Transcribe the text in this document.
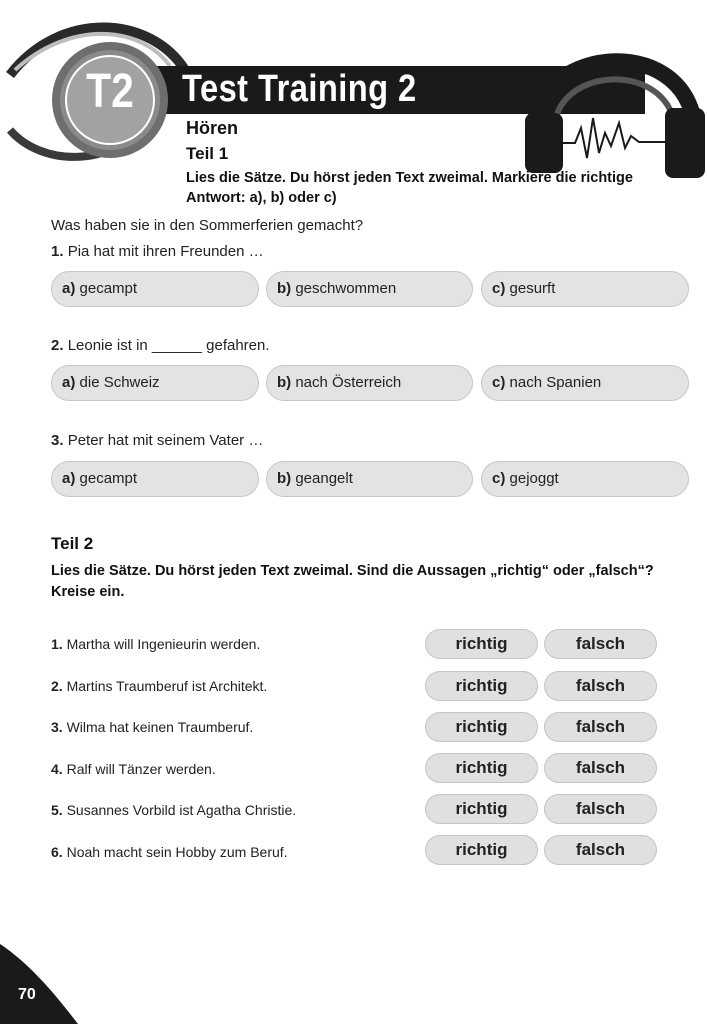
T2	Test Training 2
Hören
Teil 1
Lies die Sätze. Du hörst jeden Text zweimal. Markiere die richtige Antwort: a), b) oder c)
Was haben sie in den Sommerferien gemacht?
1. Pia hat mit ihren Freunden …
a) gecampt	b) geschwommen	c) gesurft
2. Leonie ist in ______ gefahren.
a) die Schweiz	b) nach Österreich	c) nach Spanien
3. Peter hat mit seinem Vater …
a) gecampt	b) geangelt	c) gejoggt
Teil 2
Lies die Sätze. Du hörst jeden Text zweimal. Sind die Aussagen „richtig“ oder „falsch“? Kreise ein.
1. Martha will Ingenieurin werden.	richtig	falsch
2. Martins Traumberuf ist Architekt.	richtig	falsch
3. Wilma hat keinen Traumberuf.	richtig	falsch
4. Ralf will Tänzer werden.	richtig	falsch
5. Susannes Vorbild ist Agatha Christie.	richtig	falsch
6. Noah macht sein Hobby zum Beruf.	richtig	falsch
70
